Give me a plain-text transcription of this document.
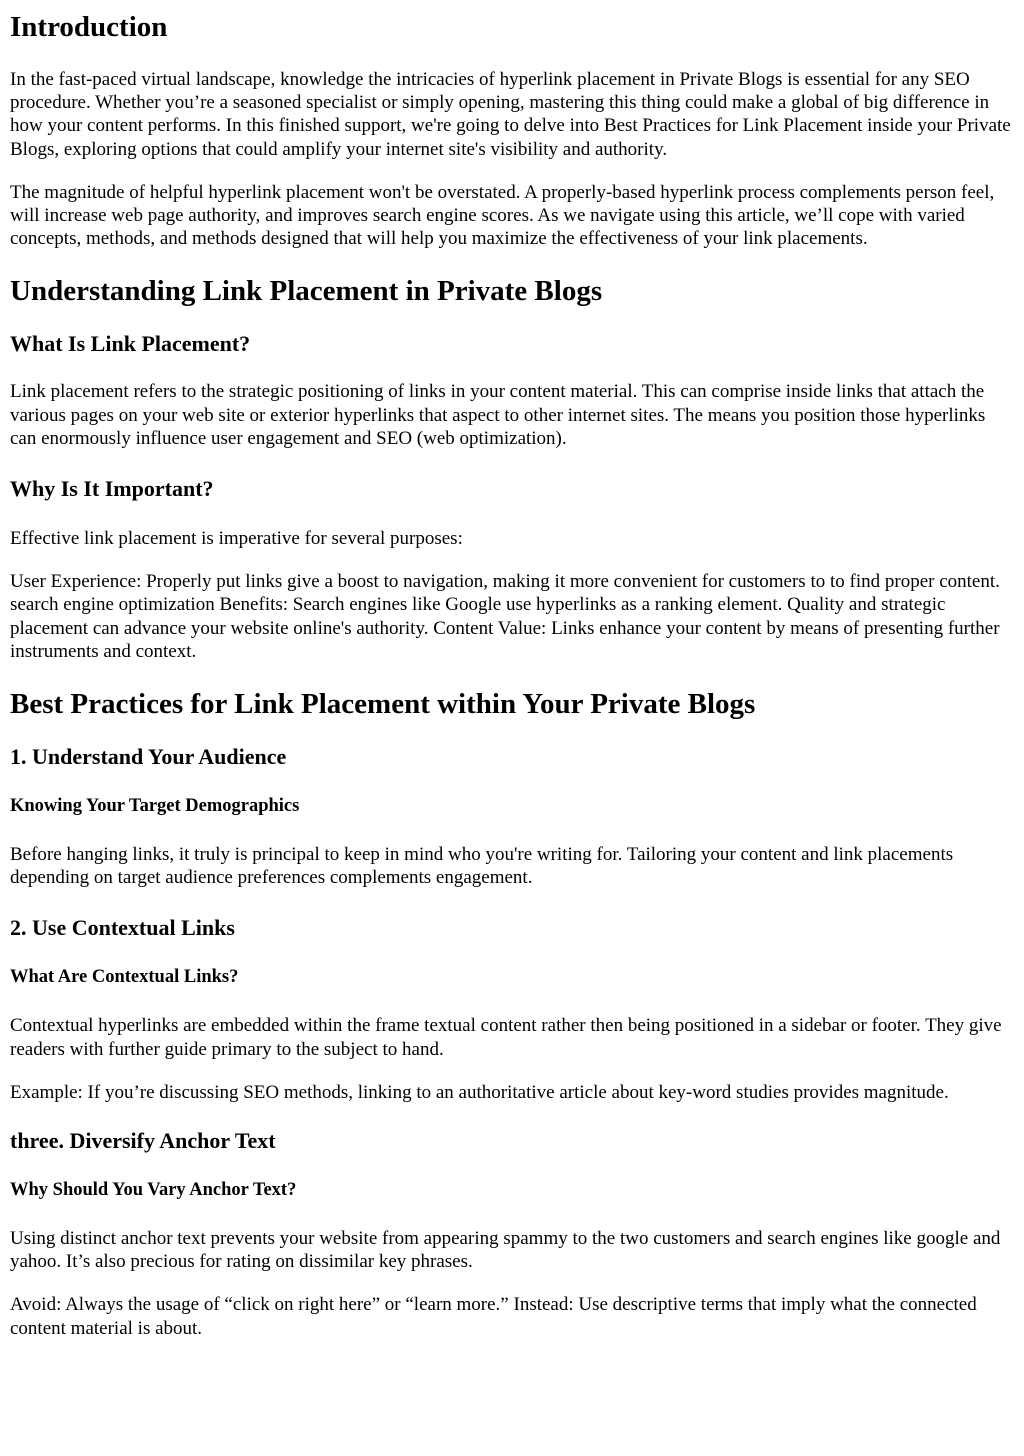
Introduction

In the fast-paced virtual landscape, knowledge the intricacies of hyperlink placement in Private Blogs is essential for any SEO procedure. Whether you’re a seasoned specialist or simply opening, mastering this thing could make a global of big difference in how your content performs. In this finished support, we're going to delve into Best Practices for Link Placement inside your Private Blogs, exploring options that could amplify your internet site's visibility and authority.

The magnitude of helpful hyperlink placement won't be overstated. A properly-based hyperlink process complements person feel, will increase web page authority, and improves search engine scores. As we navigate using this article, we’ll cope with varied concepts, methods, and methods designed that will help you maximize the effectiveness of your link placements.

Understanding Link Placement in Private Blogs
What Is Link Placement?

Link placement refers to the strategic positioning of links in your content material. This can comprise inside links that attach the various pages on your web site or exterior hyperlinks that aspect to other internet sites. The means you position those hyperlinks can enormously influence user engagement and SEO (web optimization).

Why Is It Important?

Effective link placement is imperative for several purposes:

User Experience: Properly put links give a boost to navigation, making it more convenient for customers to to find proper content. search engine optimization Benefits: Search engines like Google use hyperlinks as a ranking element. Quality and strategic placement can advance your website online's authority. Content Value: Links enhance your content by means of presenting further instruments and context.

Best Practices for Link Placement within Your Private Blogs
1. Understand Your Audience
Knowing Your Target Demographics

Before hanging links, it truly is principal to keep in mind who you're writing for. Tailoring your content and link placements depending on target audience preferences complements engagement.

2. Use Contextual Links
What Are Contextual Links?

Contextual hyperlinks are embedded within the frame textual content rather then being positioned in a sidebar or footer. They give readers with further guide primary to the subject to hand.

Example: If you’re discussing SEO methods, linking to an authoritative article about key-word studies provides magnitude.

three. Diversify Anchor Text
Why Should You Vary Anchor Text?

Using distinct anchor text prevents your website from appearing spammy to the two customers and search engines like google and yahoo. It’s also precious for rating on dissimilar key phrases.

Avoid: Always the usage of “click on right here” or “learn more.” Instead: Use descriptive terms that imply what the connected content material is about.
